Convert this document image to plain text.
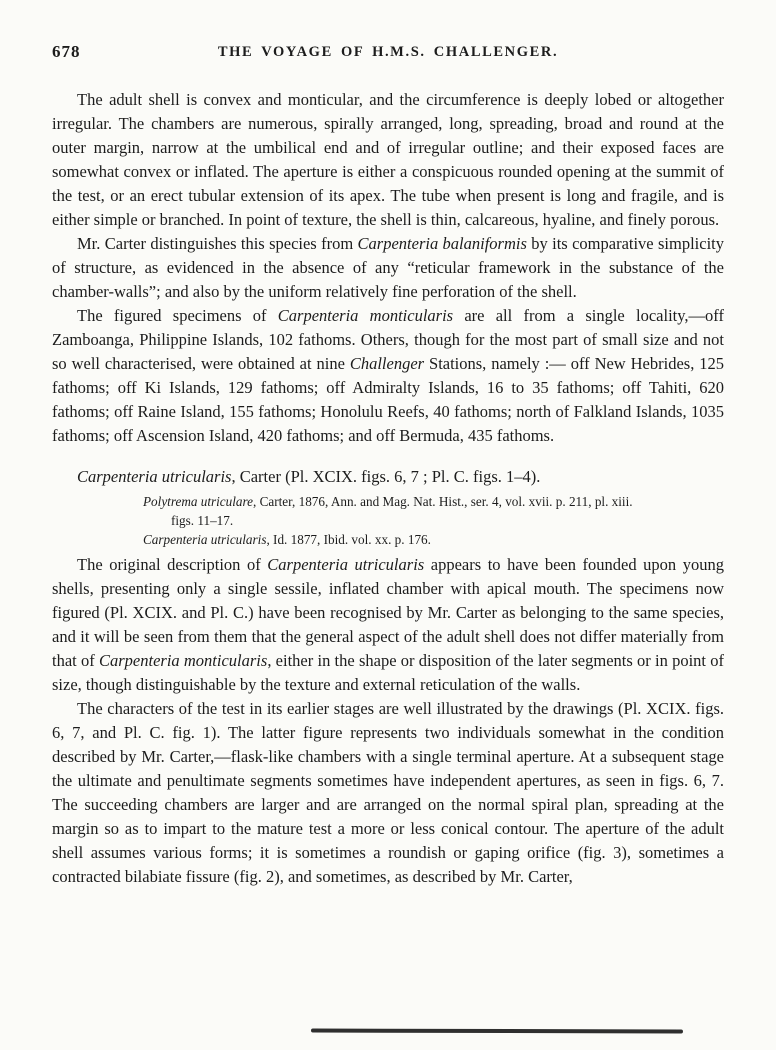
678	THE VOYAGE OF H.M.S. CHALLENGER.

The adult shell is convex and monticular, and the circumference is deeply lobed or altogether irregular. The chambers are numerous, spirally arranged, long, spreading, broad and round at the outer margin, narrow at the umbilical end and of irregular outline; and their exposed faces are somewhat convex or inflated. The aperture is either a conspicuous rounded opening at the summit of the test, or an erect tubular extension of its apex. The tube when present is long and fragile, and is either simple or branched. In point of texture, the shell is thin, calcareous, hyaline, and finely porous.

Mr. Carter distinguishes this species from Carpenteria balaniformis by its comparative simplicity of structure, as evidenced in the absence of any “reticular framework in the substance of the chamber-walls”; and also by the uniform relatively fine perforation of the shell.

The figured specimens of Carpenteria monticularis are all from a single locality,—off Zamboanga, Philippine Islands, 102 fathoms. Others, though for the most part of small size and not so well characterised, were obtained at nine Challenger Stations, namely :— off New Hebrides, 125 fathoms; off Ki Islands, 129 fathoms; off Admiralty Islands, 16 to 35 fathoms; off Tahiti, 620 fathoms; off Raine Island, 155 fathoms; Honolulu Reefs, 40 fathoms; north of Falkland Islands, 1035 fathoms; off Ascension Island, 420 fathoms; and off Bermuda, 435 fathoms.

Carpenteria utricularis, Carter (Pl. XCIX. figs. 6, 7 ; Pl. C. figs. 1–4).

Polytrema utriculare, Carter, 1876, Ann. and Mag. Nat. Hist., ser. 4, vol. xvii. p. 211, pl. xiii.
figs. 11–17.
Carpenteria utricularis, Id. 1877, Ibid. vol. xx. p. 176.

The original description of Carpenteria utricularis appears to have been founded upon young shells, presenting only a single sessile, inflated chamber with apical mouth. The specimens now figured (Pl. XCIX. and Pl. C.) have been recognised by Mr. Carter as belonging to the same species, and it will be seen from them that the general aspect of the adult shell does not differ materially from that of Carpenteria monticularis, either in the shape or disposition of the later segments or in point of size, though distinguishable by the texture and external reticulation of the walls.

The characters of the test in its earlier stages are well illustrated by the drawings (Pl. XCIX. figs. 6, 7, and Pl. C. fig. 1). The latter figure represents two individuals somewhat in the condition described by Mr. Carter,—flask-like chambers with a single terminal aperture. At a subsequent stage the ultimate and penultimate segments sometimes have independent apertures, as seen in figs. 6, 7. The succeeding chambers are larger and are arranged on the normal spiral plan, spreading at the margin so as to impart to the mature test a more or less conical contour. The aperture of the adult shell assumes various forms; it is sometimes a roundish or gaping orifice (fig. 3), sometimes a contracted bilabiate fissure (fig. 2), and sometimes, as described by Mr. Carter,
